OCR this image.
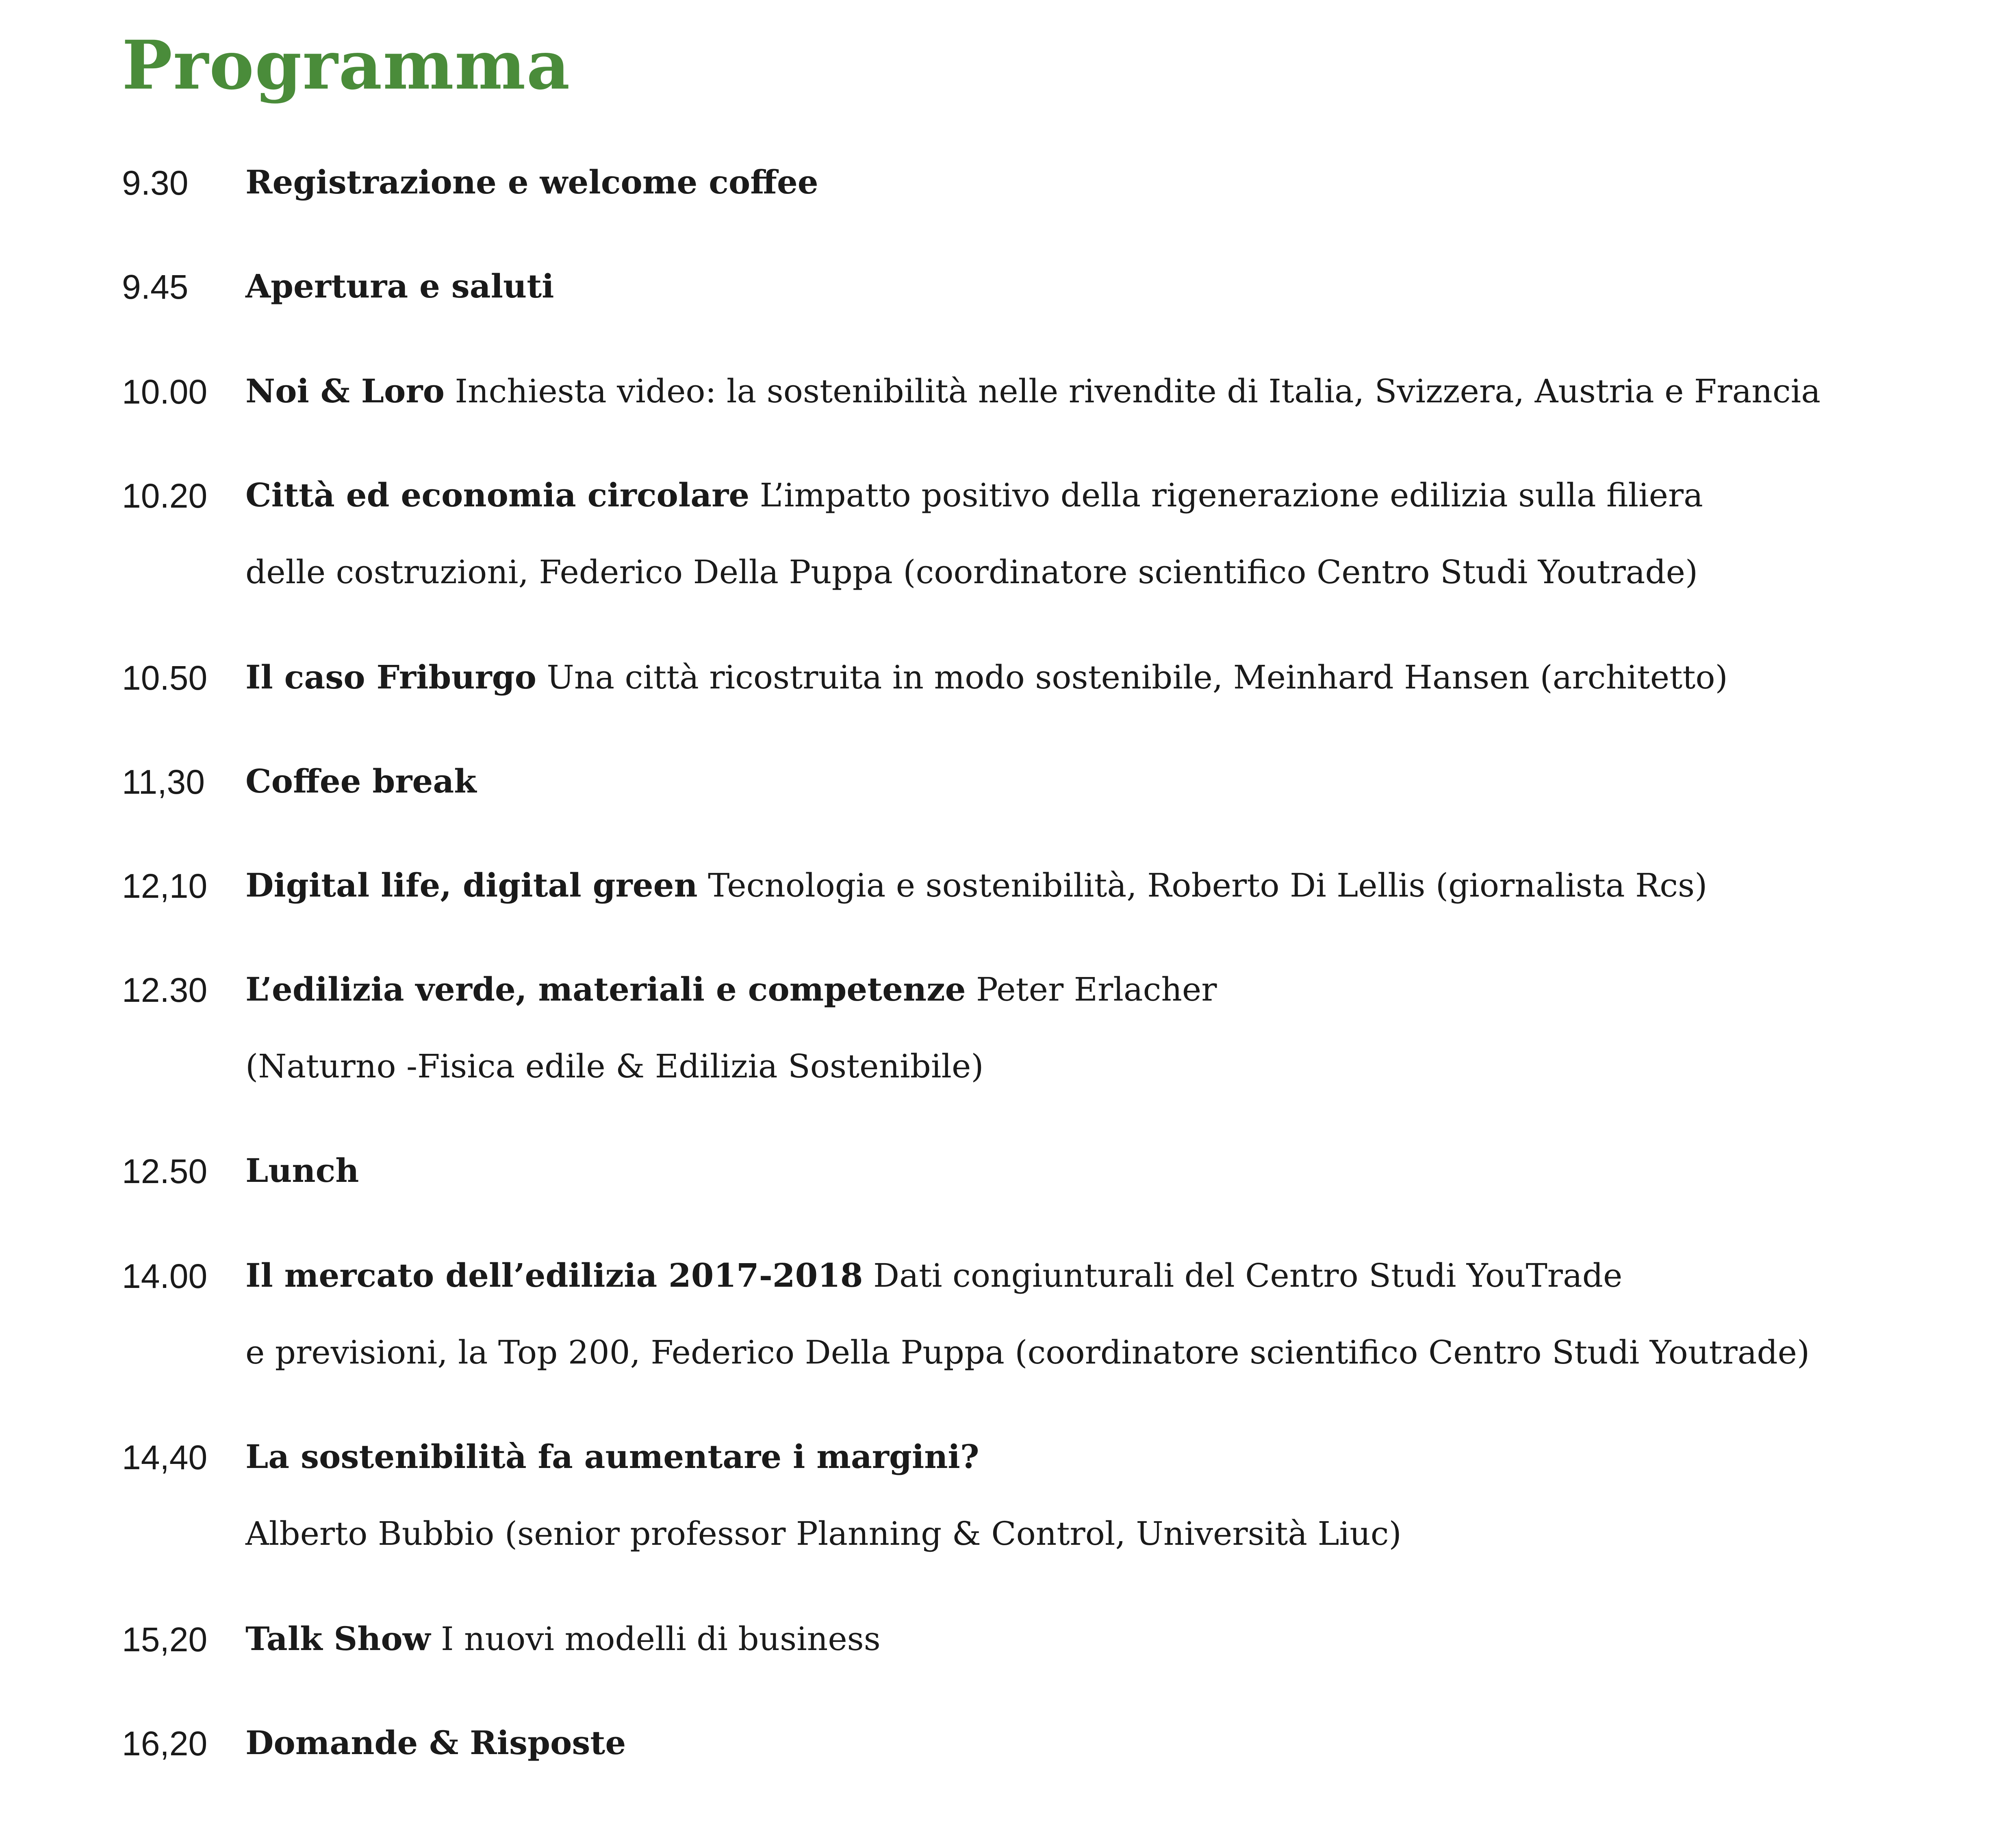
Programma
9.30 Registrazione e welcome coffee
9.45 Apertura e saluti
10.00 Noi & Loro Inchiesta video: la sostenibilità nelle rivendite di Italia, Svizzera, Austria e Francia
10.20 Città ed economia circolare L’impatto positivo della rigenerazione edilizia sulla filiera
delle costruzioni, Federico Della Puppa (coordinatore scientifico Centro Studi Youtrade)
10.50 Il caso Friburgo Una città ricostruita in modo sostenibile, Meinhard Hansen (architetto)
11,30 Coffee break
12,10 Digital life, digital green Tecnologia e sostenibilità, Roberto Di Lellis (giornalista Rcs)
12.30 L’edilizia verde, materiali e competenze Peter Erlacher
(Naturno -Fisica edile & Edilizia Sostenibile)
12.50 Lunch
14.00 Il mercato dell’edilizia 2017-2018 Dati congiunturali del Centro Studi YouTrade
e previsioni, la Top 200, Federico Della Puppa (coordinatore scientifico Centro Studi Youtrade)
14,40 La sostenibilità fa aumentare i margini?
Alberto Bubbio (senior professor Planning & Control, Università Liuc)
15,20 Talk Show I nuovi modelli di business
16,20 Domande & Risposte
